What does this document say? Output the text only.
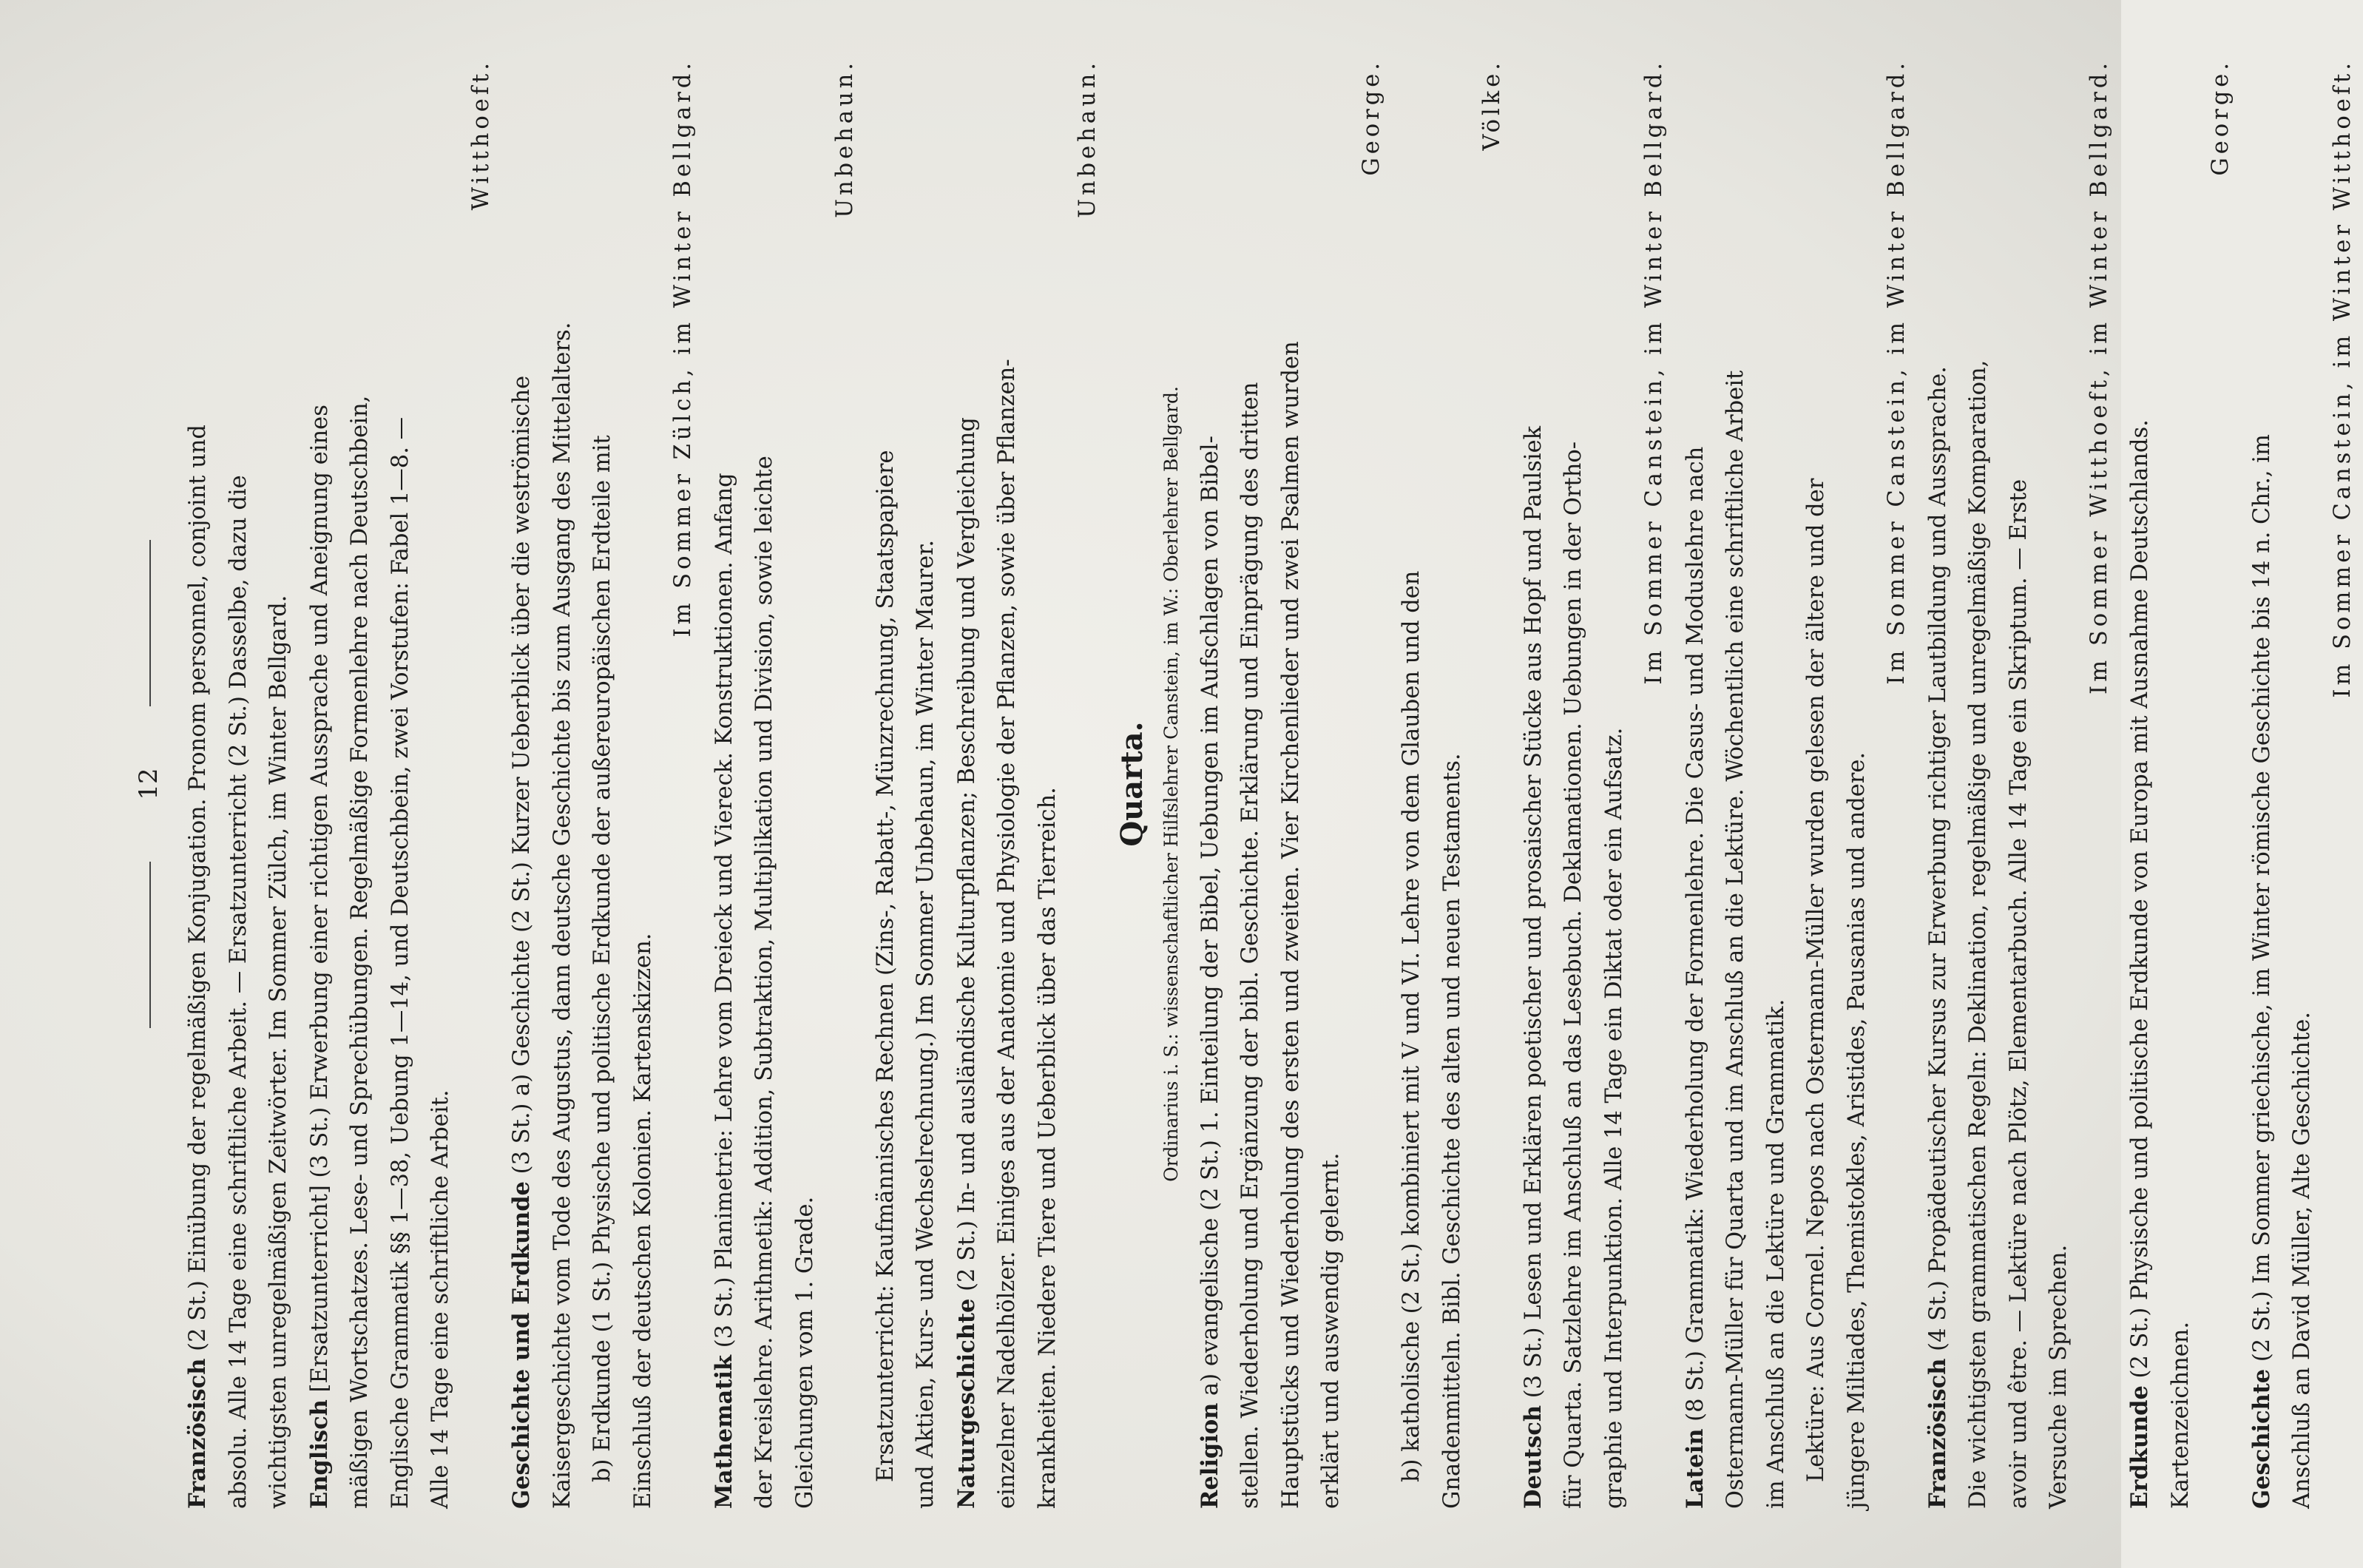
12
Französisch (2 St.) Einübung der regelmäßigen Konjugation. Pronom personnel, conjoint und absolu. Alle 14 Tage eine schriftliche Arbeit. — Ersatzunterricht (2 St.) Dasselbe, dazu die wichtigsten unregelmäßigen Zeitwörter. Im Sommer Zülch, im Winter Bellgard. Englisch [Ersatzunterricht] (3 St.) Erwerbung einer richtigen Aussprache und Aneignung eines mäßigen Wortschatzes. Lese- und Sprechübungen. Regelmäßige Formenlehre nach Deutschbein, Englische Grammatik §§ 1—38, Uebung 1—14, und Deutschbein, zwei Vorstufen: Fabel 1—8. — Alle 14 Tage eine schriftliche Arbeit.
Witthoeft.
Geschichte und Erdkunde (3 St.) a) Geschichte (2 St.) Kurzer Ueberblick über die weströmische Kaisergeschichte vom Tode des Augustus, dann deutsche Geschichte bis zum Ausgang des Mittelalters. b) Erdkunde (1 St.) Physische und politische Erdkunde der außereuropäischen Erdteile mit Einschluß der deutschen Kolonien. Kartenskizzen.
Im Sommer Zülch, im Winter Bellgard.
Mathematik (3 St.) Planimetrie: Lehre vom Dreieck und Viereck. Konstruktionen. Anfang der Kreislehre. Arithmetik: Addition, Subtraktion, Multiplikation und Division, sowie leichte Gleichungen vom 1. Grade.
Unbehaun.
Ersatzunterricht: Kaufmännisches Rechnen (Zins-, Rabatt-, Münzrechnung, Staatspapiere und Aktien, Kurs- und Wechselrechnung.) Im Sommer Unbehaun, im Winter Maurer. Naturgeschichte (2 St.) In- und ausländische Kulturpflanzen; Beschreibung und Vergleichung einzelner Nadelhölzer. Einiges aus der Anatomie und Physiologie der Pflanzen, sowie über Pflanzen- krankheiten. Niedere Tiere und Ueberblick über das Tierreich.
Unbehaun.
Quarta. Ordinarius i. S.: wissenschaftlicher Hilfslehrer Canstein, im W.: Oberlehrer Bellgard.
Religion a) evangelische (2 St.) 1. Einteilung der Bibel, Uebungen im Aufschlagen von Bibel- stellen. Wiederholung und Ergänzung der bibl. Geschichte. Erklärung und Einprägung des dritten Hauptstücks und Wiederholung des ersten und zweiten. Vier Kirchenlieder und zwei Psalmen wurden erklärt und auswendig gelernt.
George.
b) katholische (2 St.) kombiniert mit V und VI. Lehre von dem Glauben und den Gnadenmitteln. Bibl. Geschichte des alten und neuen Testaments.
Völke.
Deutsch (3 St.) Lesen und Erklären poetischer und prosaischer Stücke aus Hopf und Paulsiek für Quarta. Satzlehre im Anschluß an das Lesebuch. Deklamationen. Uebungen in der Ortho- graphie und Interpunktion. Alle 14 Tage ein Diktat oder ein Aufsatz.
Im Sommer Canstein, im Winter Bellgard.
Latein (8 St.) Grammatik: Wiederholung der Formenlehre. Die Casus- und Moduslehre nach Ostermann-Müller für Quarta und im Anschluß an die Lektüre. Wöchentlich eine schriftliche Arbeit im Anschluß an die Lektüre und Grammatik. Lektüre: Aus Cornel. Nepos nach Ostermann-Müller wurden gelesen der ältere und der jüngere Miltiades, Themistokles, Aristides, Pausanias und andere.
Im Sommer Canstein, im Winter Bellgard.
Französisch (4 St.) Propädeutischer Kursus zur Erwerbung richtiger Lautbildung und Aussprache. Die wichtigsten grammatischen Regeln: Deklination, regelmäßige und unregelmäßige Komparation, avoir und être. — Lektüre nach Plötz, Elementarbuch. Alle 14 Tage ein Skriptum. — Erste Versuche im Sprechen.
Im Sommer Witthoeft, im Winter Bellgard.
Erdkunde (2 St.) Physische und politische Erdkunde von Europa mit Ausnahme Deutschlands.
Kartenzeichnen.
George.
Geschichte (2 St.) Im Sommer griechische, im Winter römische Geschichte bis 14 n. Chr., im Anschluß an David Müller, Alte Geschichte.
Im Sommer Canstein, im Winter Witthoeft.
